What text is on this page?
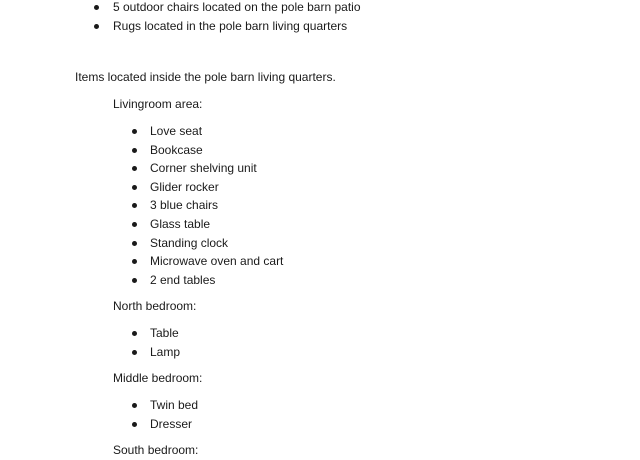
5 outdoor chairs located on the pole barn patio
Rugs located in the pole barn living quarters
Items located inside the pole barn living quarters.
Livingroom area:
Love seat
Bookcase
Corner shelving unit
Glider rocker
3 blue chairs
Glass table
Standing clock
Microwave oven and cart
2 end tables
North bedroom:
Table
Lamp
Middle bedroom:
Twin bed
Dresser
South bedroom:
